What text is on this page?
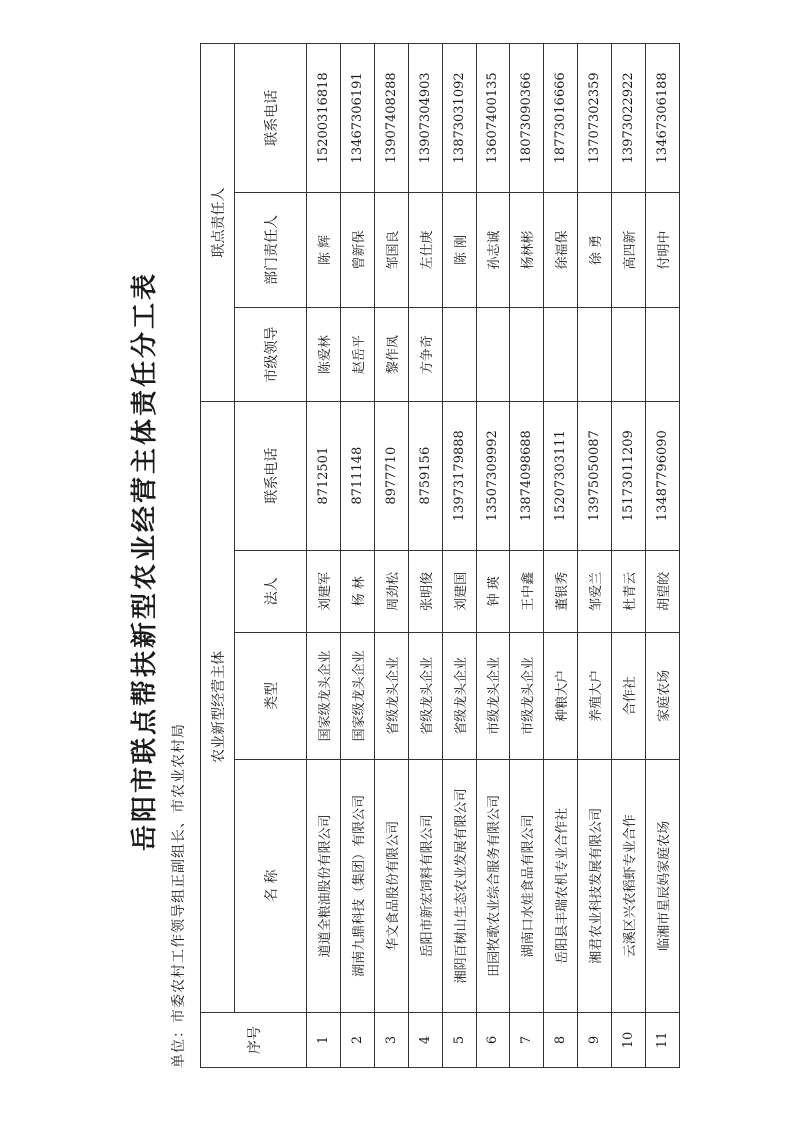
岳阳市联点帮扶新型农业经营主体责任分工表
单位：市委农村工作领导组正副组长、市农业农村局	序号	农业新型经营主体				联点责任人		
	名 称	类型	法人	联系电话	市级领导	部门责任人	联系电话
1	道道全粮油股份有限公司	国家级龙头企业	刘建军	8712501	陈爱林	陈 辉	15200316818
2	湖南九鼎科技（集团）有限公司	国家级龙头企业	杨 林	8711148	赵岳平	曾新保	13467306191
3	华文食品股份有限公司	省级龙头企业	周劲松	8977710	黎作凤	邹国良	13907408288
4	岳阳市新宏饲料有限公司	省级龙头企业	张明俊	8759156	方争奇	左仕庚	13907304903
5	湘阴百树山生态农业发展有限公司	省级龙头企业	刘建国	13973179888		陈 刚	13873031092
6	田园牧歌农业综合服务有限公司	市级龙头企业	钟 瑛	13507309992		孙志诚	13607400135
7	湖南口水娃食品有限公司	市级龙头企业	王中鑫	13874098688		杨林彬	18073090366
8	岳阳县丰瑞农机专业合作社	种粮大户	董银秀	15207303111		徐福保	18773016666
9	湘君农业科技发展有限公司	养殖大户	邹爱兰	13975050087		徐 勇	13707302359
10	云溪区兴农稻虾专业合作	合作社	杜青云	15173011209		高四新	13973022922
11	临湘市星辰妈家庭农场	家庭农场	胡望皎	13487796090		付明中	13467306188
